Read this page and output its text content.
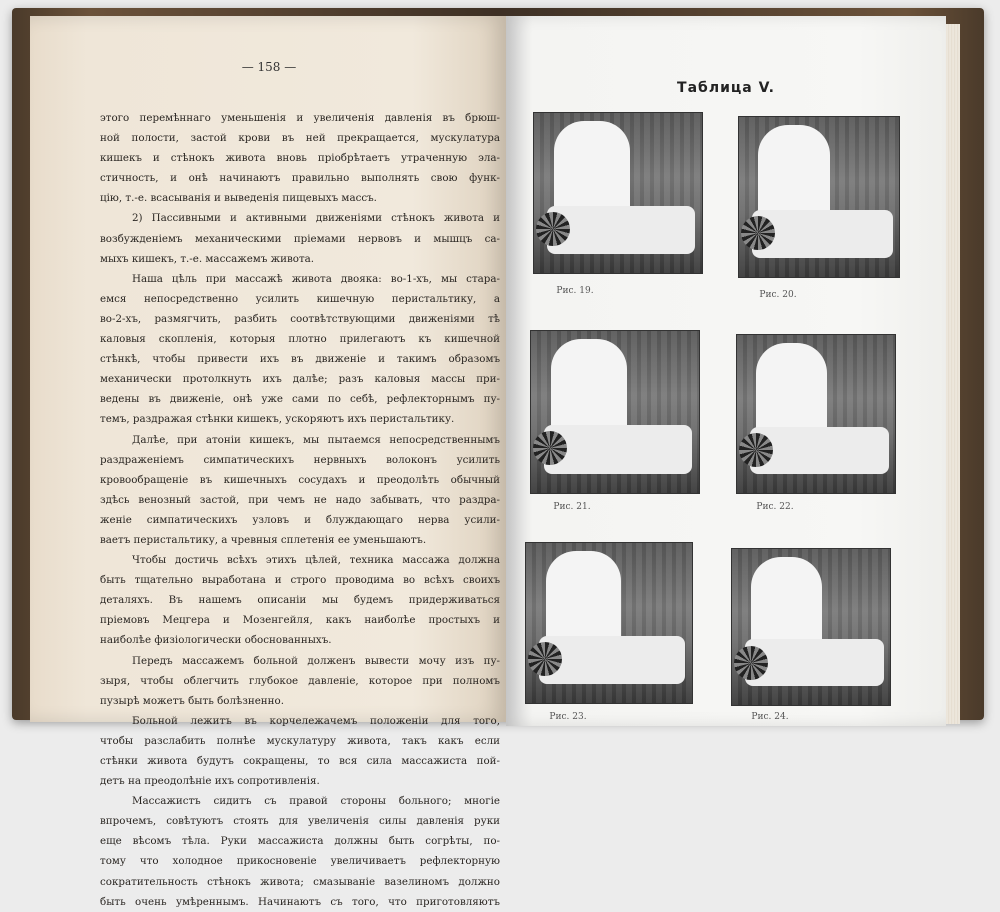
— 158 —
этого перемѣннаго уменьшенія и увеличенія давленія въ брюш-
ной полости, застой крови въ ней прекращается, мускулатура
кишекъ и стѣнокъ живота вновь пріобрѣтаетъ утраченную эла-
стичность, и онѣ начинаютъ правильно выполнять свою функ-
цію, т.-е. всасыванія и выведенія пищевыхъ массъ.
2) Пассивными и активными движеніями стѣнокъ живота и
возбужденіемъ механическими пріемами нервовъ и мышцъ са-
мыхъ кишекъ, т.-е. массажемъ живота.
Наша цѣль при массажѣ живота двояка: во-1-хъ, мы стара-
емся непосредственно усилить кишечную перистальтику, а
во-2-хъ, размягчить, разбить соотвѣтствующими движеніями тѣ
каловыя скопленія, которыя плотно прилегаютъ къ кишечной
стѣнкѣ, чтобы привести ихъ въ движеніе и такимъ образомъ
механически протолкнуть ихъ далѣе; разъ каловыя массы при-
ведены въ движеніе, онѣ уже сами по себѣ, рефлекторнымъ пу-
темъ, раздражая стѣнки кишекъ, ускоряютъ ихъ перистальтику.
Далѣе, при атоніи кишекъ, мы пытаемся непосредственнымъ
раздраженіемъ симпатическихъ нервныхъ волоконъ усилить
кровообращеніе въ кишечныхъ сосудахъ и преодолѣть обычный
здѣсь венозный застой, при чемъ не надо забывать, что раздра-
женіе симпатическихъ узловъ и блуждающаго нерва усили-
ваетъ перистальтику, а чревныя сплетенія ее уменьшаютъ.
Чтобы достичь всѣхъ этихъ цѣлей, техника массажа должна
быть тщательно выработана и строго проводима во всѣхъ своихъ
деталяхъ. Въ нашемъ описаніи мы будемъ придерживаться
пріемовъ Мецгера и Мозенгейля, какъ наиболѣе простыхъ и
наиболѣе физіологически обоснованныхъ.
Передъ массажемъ больной долженъ вывести мочу изъ пу-
зыря, чтобы облегчить глубокое давленіе, которое при полномъ
пузырѣ можетъ быть болѣзненно.
Больной лежитъ въ корчележачемъ положеніи для того,
чтобы разслабить полнѣе мускулатуру живота, такъ какъ если
стѣнки живота будутъ сокращены, то вся сила массажиста пой-
детъ на преодолѣніе ихъ сопротивленія.
Массажистъ сидитъ съ правой стороны больного; многіе
впрочемъ, совѣтуютъ стоять для увеличенія силы давленія руки
еще вѣсомъ тѣла. Руки массажиста должны быть согрѣты, по-
тому что холодное прикосновеніе увеличиваетъ рефлекторную
сократительность стѣнокъ живота; смазываніе вазелиномъ должно
быть очень умѣреннымъ. Начинаютъ съ того, что приготовляютъ
Таблица V.
Рис. 19.	Рис. 20.
Рис. 21.	Рис. 22.
Рис. 23.	Рис. 24.
